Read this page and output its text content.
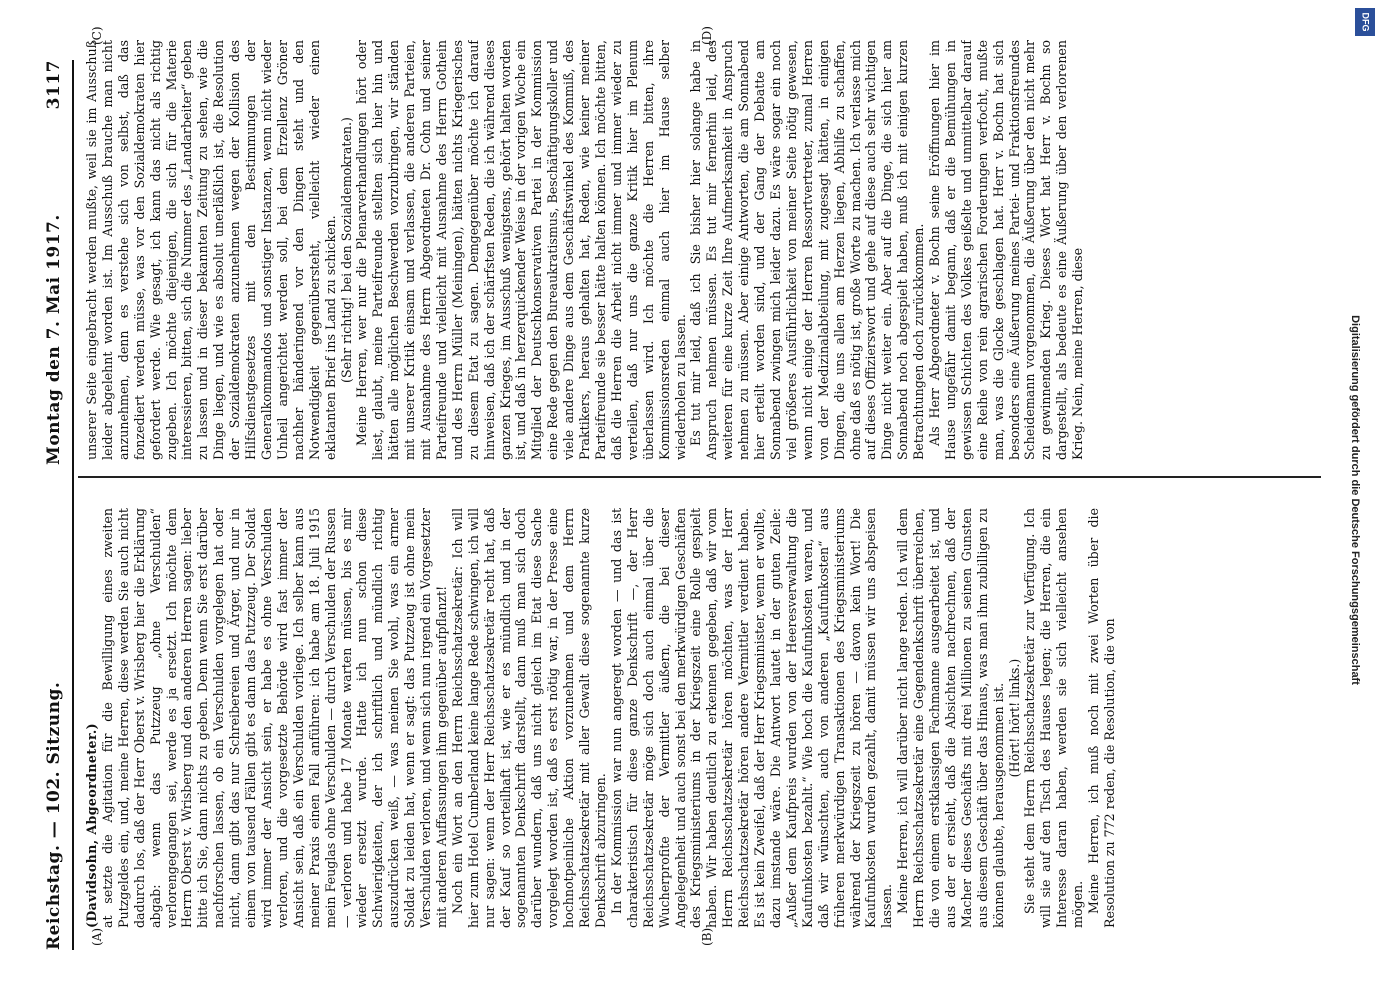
Reichstag. — 102. Sitzung.
Montag den 7. Mai 1917.
3117
(A)	(B)
(C)	(D)

(Davidsohn, Abgeordneter.) at setzte die Agitation für die Bewilligung eines zweiten Putzgeldes ein, und, meine Herren, diese werden Sie auch nicht dadurch los, daß der Herr Oberst v. Wrisberg hier die Erklärung abgab: wenn das Putzzeug „ohne Verschulden“ verlorengegangen sei, werde es ja ersetzt. Ich möchte dem Herrn Oberst v. Wrisberg und den anderen Herren sagen: lieber bitte ich Sie, dann nichts zu geben. Denn wenn Sie erst darüber nachforschen lassen, ob ein Verschulden vorgelegen hat oder nicht, dann gibt das nur Schreibereien und Ärger, und nur in einem von tausend Fällen gibt es dann das Putzzeug. Der Soldat wird immer der Ansicht sein, er habe es ohne Verschulden verloren, und die vorgesetzte Behörde wird fast immer der Ansicht sein, daß ein Verschulden vorliege. Ich selber kann aus meiner Praxis einen Fall anführen: ich habe am 18. Juli 1915 mein Feuglas ohne Verschulden — durch Verschulden der Russen — verloren und habe 17 Monate warten müssen, bis es mir wieder ersetzt wurde. Hatte ich nun schon diese Schwierigkeiten, der ich schriftlich und mündlich richtig auszudrücken weiß, — was meinen Sie wohl, was ein armer Soldat zu leiden hat, wenn er sagt: das Putzzeug ist ohne mein Verschulden verloren, und wenn sich nun irgend ein Vorgesetzter mit anderen Auffassungen ihm gegenüber aufpflanzt! Noch ein Wort an den Herrn Reichsschatzsekretär: Ich will hier zum Hotel Cumberland keine lange Rede schwingen, ich will nur sagen: wenn der Herr Reichsschatzsekretär recht hat, daß der Kauf so vorteilhaft ist, wie er es mündlich und in der sogenannten Denkschrift darstellt, dann muß man sich doch darüber wundern, daß uns nicht gleich im Etat diese Sache vorgelegt worden ist, daß es erst nötig war, in der Presse eine hochnotpeinliche Aktion vorzunehmen und dem Herrn Reichsschatzsekretär mit aller Gewalt diese sogenannte kurze Denkschrift abzuringen. In der Kommission war nun angeregt worden — und das ist charakteristisch für diese ganze Denkschrift —, der Herr Reichsschatzsekretär möge sich doch auch einmal über die Wucherprofite der Vermittler äußern, die bei dieser Angelegenheit und auch sonst bei den merkwürdigen Geschäften des Kriegsministeriums in der Kriegszeit eine Rolle gespielt haben. Wir haben deutlich zu erkennen gegeben, daß wir vom Herrn Reichsschatzsekretär hören möchten, was der Herr Reichsschatzsekretär hören andere Vermittler verdient haben. Es ist kein Zweifel, daß der Herr Kriegsminister, wenn er wollte, dazu imstande wäre. Die Antwort lautet in der guten Zeile: „Außer dem Kaufpreis wurden von der Heeresverwaltung die Kaufunkosten bezahlt.“ Wie hoch die Kaufunkosten waren, und daß wir wünschten, auch von anderen „Kaufunkosten“ aus früheren merkwürdigen Transaktionen des Kriegsministeriums während der Kriegszeit zu hören — davon kein Wort! Die Kaufunkosten wurden gezahlt, damit müssen wir uns abspeisen lassen. Meine Herren, ich will darüber nicht lange reden. Ich will dem Herrn Reichsschatzsekretär eine Gegendenkschrift überreichen, die von einem erstklassigen Fachmanne ausgearbeitet ist, und aus der er ersieht, daß die Absichten nachrechnen, daß der Macher dieses Geschäfts mit drei Millionen zu seinen Gunsten aus diesem Geschäft über das Hinaus, was man ihm zubilligen zu können glaubte, herausgenommen ist. (Hört! hört! links.) Sie steht dem Herrn Reichsschatzsekretär zur Verfügung. Ich will sie auf den Tisch des Hauses legen; die Herren, die ein Interesse daran haben, werden sie sich vielleicht ansehen mögen. Meine Herren, ich muß noch mit zwei Worten über die Resolution zu 772 reden, die Resolution, die von

unserer Seite eingebracht werden mußte, weil sie im Ausschuß leider abgelehnt worden ist. Im Ausschuß brauche man nicht anzunehmen, denn es verstehe sich von selbst, daß das fonzediert werden müsse, was vor den Sozialdemokraten hier gefordert werde. Wie gesagt, ich kann das nicht als richtig zugeben. Ich möchte diejenigen, die sich für die Materie interessieren, bitten, sich die Nummer des „Landarbeiter“ geben zu lassen und in dieser bekannten Zeitung zu sehen, wie die Dinge liegen, und wie es absolut unerläßlich ist, die Resolution der Sozialdemokraten anzunehmen wegen der Kollision des Hilfsdienstgesetzes mit den Bestimmungen der Generalkommandos und sonstiger Instanzen, wenn nicht wieder Unheil angerichtet werden soll, bei dem Erzellenz Gröner nachher händeringend vor den Dingen steht und den Notwendigkeit gegenübersteht, vielleicht wieder einen eklatanten Brief ins Land zu schicken. (Sehr richtig! bei den Sozialdemokraten.) Meine Herren, wer nur die Plenarverhandlungen hört oder liest, glaubt, meine Parteifreunde stellten sich hier hin und hätten alle möglichen Beschwerden vorzubringen, wir ständen mit unserer Kritik einsam und verlassen, die anderen Parteien, mit Ausnahme des Herrn Abgeordneten Dr. Cohn und seiner Parteifreunde und vielleicht mit Ausnahme des Herrn Gothein und des Herrn Müller (Meiningen), hätten nichts Kriegerisches zu diesem Etat zu sagen. Demgegenüber möchte ich darauf hinweisen, daß ich der schärfsten Reden, die ich während dieses ganzen Krieges, im Ausschuß wenigstens, gehört halten worden ist, und daß in herzerquickender Weise in der vorigen Woche ein Mitglied der Deutschkonservativen Partei in der Kommission eine Rede gegen den Bureaukratismus, Beschäftigungskoller und viele andere Dinge aus dem Geschäftswinkel des Kommiß, des Praktikers, heraus gehalten hat, Reden, wie keiner meiner Parteifreunde sie besser hätte halten können. Ich möchte bitten, daß die Herren die Arbeit nicht immer und immer wieder zu verteilen, daß nur uns die ganze Kritik hier im Plenum überlassen wird. Ich möchte die Herren bitten, ihre Kommissionsreden einmal auch hier im Hause selber wiederholen zu lassen. Es tut mir leid, daß ich Sie bisher hier solange habe in Anspruch nehmen müssen. Es tut mir fernerhin leid, des weiteren für eine kurze Zeit Ihre Aufmerksamkeit in Anspruch nehmen zu müssen. Aber einige Antworten, die am Sonnabend hier erteilt worden sind, und der Gang der Debatte am Sonnabend zwingen mich leider dazu. Es wäre sogar ein noch viel größeres Ausführlichkeit von meiner Seite nötig gewesen, wenn nicht einige der Herren Ressortvertreter, zumal Herren von der Medizinalabteilung, mit zugesagt hätten, in einigen Dingen, die uns allen am Herzen liegen, Abhilfe zu schaffen, ohne daß es nötig ist, große Worte zu machen. Ich verlasse mich auf dieses Offizierswort und gehe auf diese auch sehr wichtigen Dinge nicht weiter ein. Aber auf die Dinge, die sich hier am Sonnabend noch abgespielt haben, muß ich mit einigen kurzen Betrachtungen doch zurückkommen. Als Herr Abgeordneter v. Bochn seine Eröffnungen hier im Hause ungefähr damit begann, daß er die Bemühungen in gewissen Schichten des Volkes geißelte und unmittelbar darauf eine Reihe von rein agrarischen Forderungen verfocht, mußte man, was die Glocke geschlagen hat. Herr v. Bochn hat sich besonders eine Äußerung meines Partei- und Fraktionsfreundes Scheidemann vorgenommen, die Äußerung über den nicht mehr zu gewinnenden Krieg. Dieses Wort hat Herr v. Bochn so dargestellt, als bedeute es eine Äußerung über den verlorenen Krieg. Nein, meine Herren, diese	Digitalisierung gefördert durch die Deutsche Forschungsgemeinschaft
DFG
